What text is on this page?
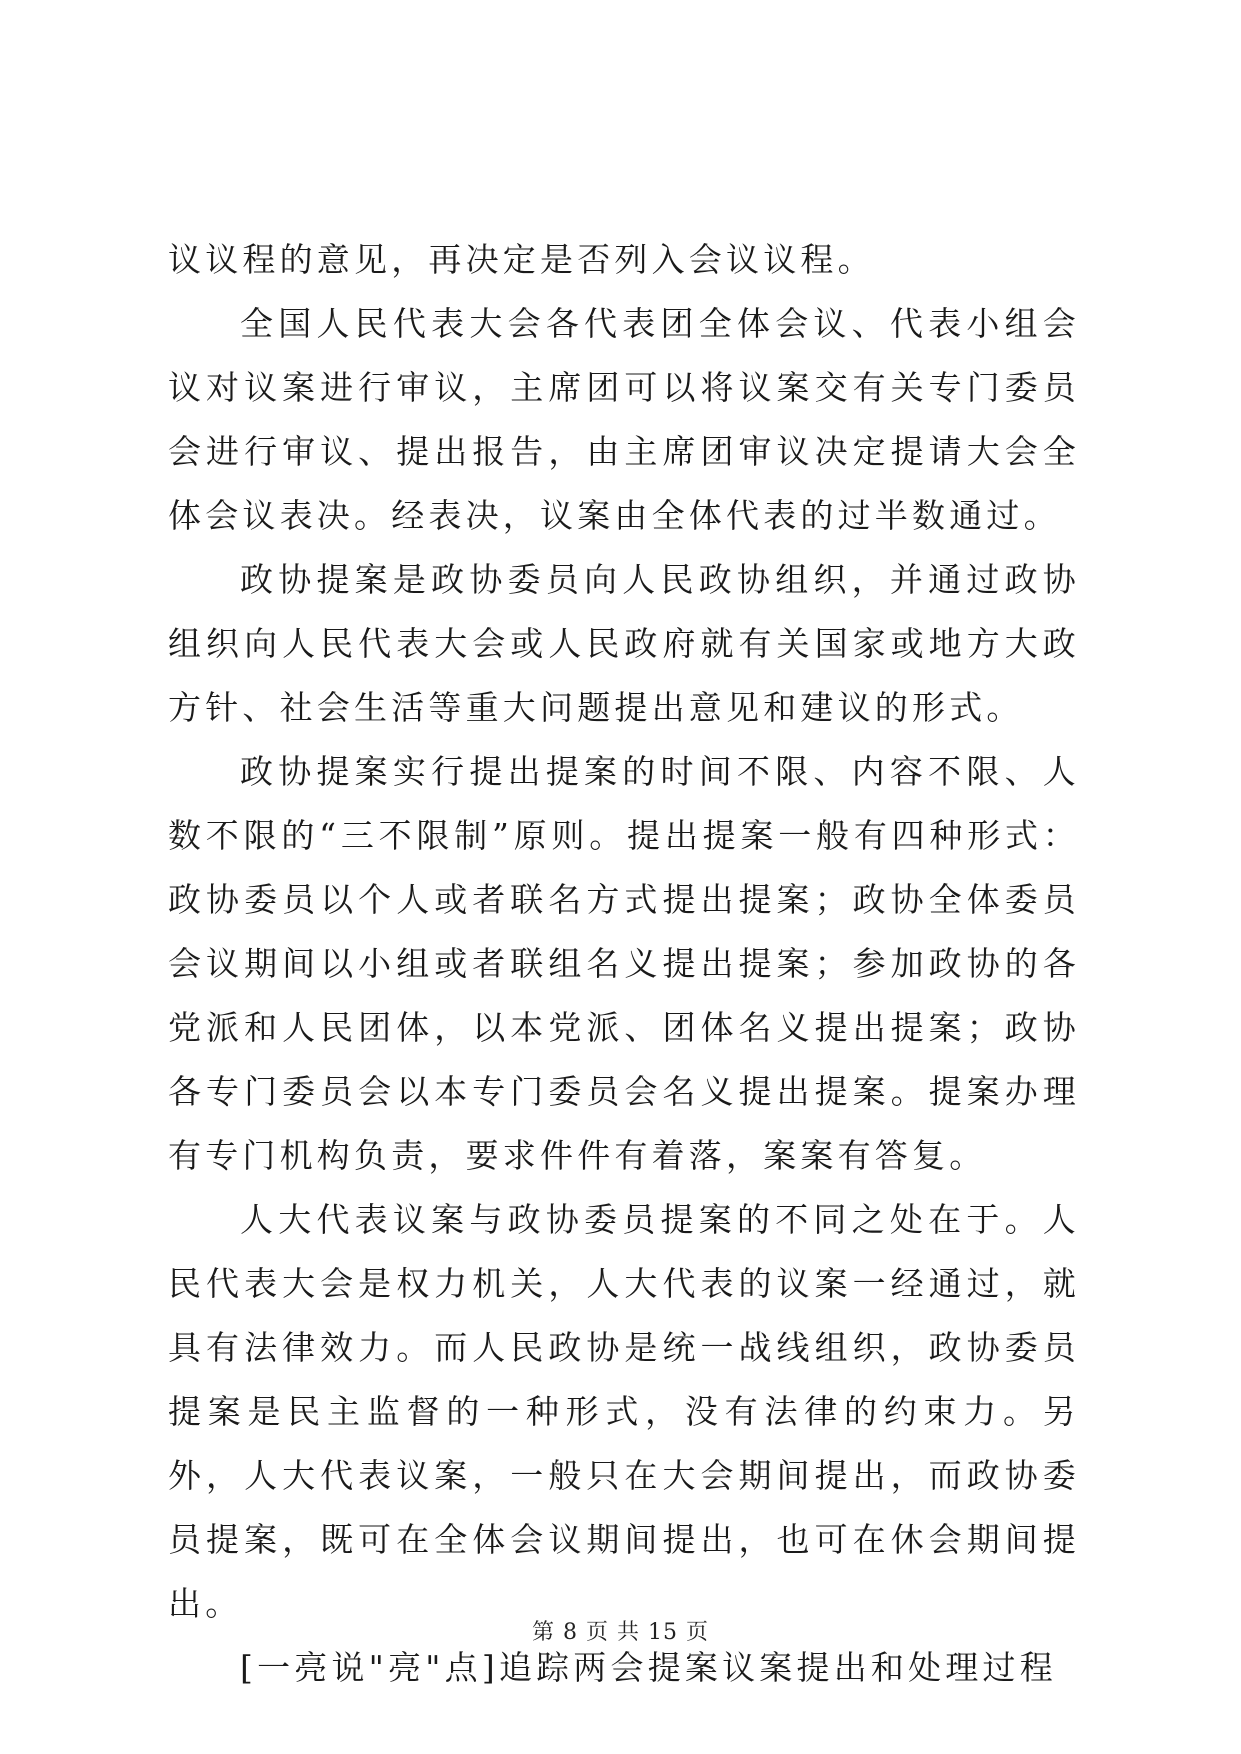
议议程的意见，再决定是否列入会议议程。

全国人民代表大会各代表团全体会议、代表小组会议对议案进行审议，主席团可以将议案交有关专门委员会进行审议、提出报告，由主席团审议决定提请大会全体会议表决。经表决，议案由全体代表的过半数通过。

政协提案是政协委员向人民政协组织，并通过政协组织向人民代表大会或人民政府就有关国家或地方大政方针、社会生活等重大问题提出意见和建议的形式。

政协提案实行提出提案的时间不限、内容不限、人数不限的“三不限制”原则。提出提案一般有四种形式：政协委员以个人或者联名方式提出提案；政协全体委员会议期间以小组或者联组名义提出提案；参加政协的各党派和人民团体，以本党派、团体名义提出提案；政协各专门委员会以本专门委员会名义提出提案。提案办理有专门机构负责，要求件件有着落，案案有答复。

人大代表议案与政协委员提案的不同之处在于。人民代表大会是权力机关，人大代表的议案一经通过，就具有法律效力。而人民政协是统一战线组织，政协委员提案是民主监督的一种形式，没有法律的约束力。另外，人大代表议案，一般只在大会期间提出，而政协委员提案，既可在全体会议期间提出，也可在休会期间提出。

[一亮说"亮"点]追踪两会提案议案提出和处理过程

第 8 页 共 15 页
